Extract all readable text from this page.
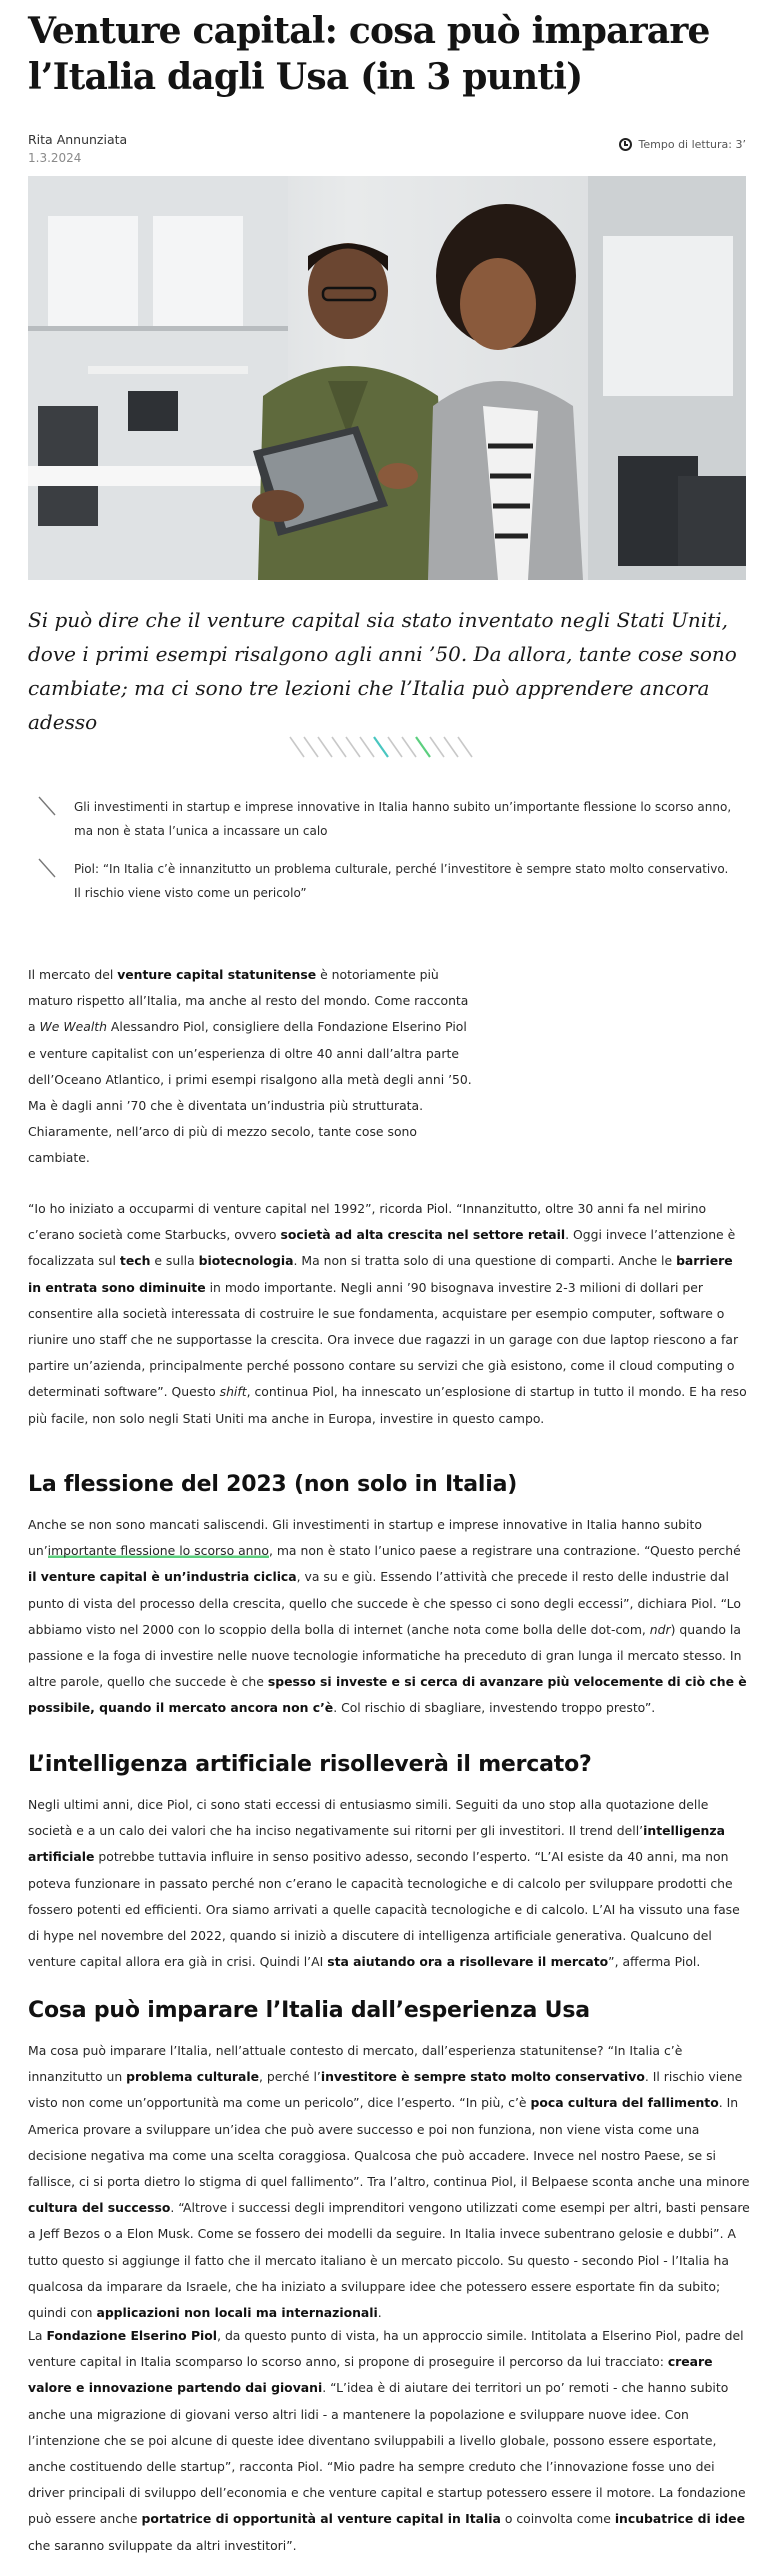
Venture capital: cosa può imparare l’Italia dagli Usa (in 3 punti)
Rita Annunziata
1.3.2024
Tempo di lettura: 3’

Si può dire che il venture capital sia stato inventato negli Stati Uniti, dove i primi esempi risalgono agli anni ’50. Da allora, tante cose sono cambiate; ma ci sono tre lezioni che l’Italia può apprendere ancora adesso

Gli investimenti in startup e imprese innovative in Italia hanno subito un’importante flessione lo scorso anno, ma non è stata l’unica a incassare un calo

Piol: “In Italia c’è innanzitutto un problema culturale, perché l’investitore è sempre stato molto conservativo. Il rischio viene visto come un pericolo”

Il mercato del venture capital statunitense è notoriamente più maturo rispetto all’Italia, ma anche al resto del mondo. Come racconta a We Wealth Alessandro Piol, consigliere della Fondazione Elserino Piol e venture capitalist con un’esperienza di oltre 40 anni dall’altra parte dell’Oceano Atlantico, i primi esempi risalgono alla metà degli anni ’50. Ma è dagli anni ’70 che è diventata un’industria più strutturata. Chiaramente, nell’arco di più di mezzo secolo, tante cose sono cambiate.

“Io ho iniziato a occuparmi di venture capital nel 1992”, ricorda Piol. “Innanzitutto, oltre 30 anni fa nel mirino c’erano società come Starbucks, ovvero società ad alta crescita nel settore retail. Oggi invece l’attenzione è focalizzata sul tech e sulla biotecnologia. Ma non si tratta solo di una questione di comparti. Anche le barriere in entrata sono diminuite in modo importante. Negli anni ’90 bisognava investire 2-3 milioni di dollari per consentire alla società interessata di costruire le sue fondamenta, acquistare per esempio computer, software o riunire uno staff che ne supportasse la crescita. Ora invece due ragazzi in un garage con due laptop riescono a far partire un’azienda, principalmente perché possono contare su servizi che già esistono, come il cloud computing o determinati software”. Questo shift, continua Piol, ha innescato un’esplosione di startup in tutto il mondo. E ha reso più facile, non solo negli Stati Uniti ma anche in Europa, investire in questo campo.

La flessione del 2023 (non solo in Italia)

Anche se non sono mancati saliscendi. Gli investimenti in startup e imprese innovative in Italia hanno subito un’importante flessione lo scorso anno, ma non è stato l’unico paese a registrare una contrazione. “Questo perché il venture capital è un’industria ciclica, va su e giù. Essendo l’attività che precede il resto delle industrie dal punto di vista del processo della crescita, quello che succede è che spesso ci sono degli eccessi”, dichiara Piol. “Lo abbiamo visto nel 2000 con lo scoppio della bolla di internet (anche nota come bolla delle dot-com, ndr) quando la passione e la foga di investire nelle nuove tecnologie informatiche ha preceduto di gran lunga il mercato stesso. In altre parole, quello che succede è che spesso si investe e si cerca di avanzare più velocemente di ciò che è possibile, quando il mercato ancora non c’è. Col rischio di sbagliare, investendo troppo presto”.

L’intelligenza artificiale risolleverà il mercato?

Negli ultimi anni, dice Piol, ci sono stati eccessi di entusiasmo simili. Seguiti da uno stop alla quotazione delle società e a un calo dei valori che ha inciso negativamente sui ritorni per gli investitori. Il trend dell’intelligenza artificiale potrebbe tuttavia influire in senso positivo adesso, secondo l’esperto. “L’AI esiste da 40 anni, ma non poteva funzionare in passato perché non c’erano le capacità tecnologiche e di calcolo per sviluppare prodotti che fossero potenti ed efficienti. Ora siamo arrivati a quelle capacità tecnologiche e di calcolo. L’AI ha vissuto una fase di hype nel novembre del 2022, quando si iniziò a discutere di intelligenza artificiale generativa. Qualcuno del venture capital allora era già in crisi. Quindi l’AI sta aiutando ora a risollevare il mercato”, afferma Piol.

Cosa può imparare l’Italia dall’esperienza Usa

Ma cosa può imparare l’Italia, nell’attuale contesto di mercato, dall’esperienza statunitense? “In Italia c’è innanzitutto un problema culturale, perché l’investitore è sempre stato molto conservativo. Il rischio viene visto non come un’opportunità ma come un pericolo”, dice l’esperto. “In più, c’è poca cultura del fallimento. In America provare a sviluppare un’idea che può avere successo e poi non funziona, non viene vista come una decisione negativa ma come una scelta coraggiosa. Qualcosa che può accadere. Invece nel nostro Paese, se si fallisce, ci si porta dietro lo stigma di quel fallimento”. Tra l’altro, continua Piol, il Belpaese sconta anche una minore cultura del successo. “Altrove i successi degli imprenditori vengono utilizzati come esempi per altri, basti pensare a Jeff Bezos o a Elon Musk. Come se fossero dei modelli da seguire. In Italia invece subentrano gelosie e dubbi”. A tutto questo si aggiunge il fatto che il mercato italiano è un mercato piccolo. Su questo - secondo Piol - l’Italia ha qualcosa da imparare da Israele, che ha iniziato a sviluppare idee che potessero essere esportate fin da subito; quindi con applicazioni non locali ma internazionali.

La Fondazione Elserino Piol, da questo punto di vista, ha un approccio simile. Intitolata a Elserino Piol, padre del venture capital in Italia scomparso lo scorso anno, si propone di proseguire il percorso da lui tracciato: creare valore e innovazione partendo dai giovani. “L’idea è di aiutare dei territori un po’ remoti - che hanno subito anche una migrazione di giovani verso altri lidi - a mantenere la popolazione e sviluppare nuove idee. Con l’intenzione che se poi alcune di queste idee diventano sviluppabili a livello globale, possono essere esportate, anche costituendo delle startup”, racconta Piol. “Mio padre ha sempre creduto che l’innovazione fosse uno dei driver principali di sviluppo dell’economia e che venture capital e startup potessero essere il motore. La fondazione può essere anche portatrice di opportunità al venture capital in Italia o coinvolta come incubatrice di idee che saranno sviluppate da altri investitori”.
